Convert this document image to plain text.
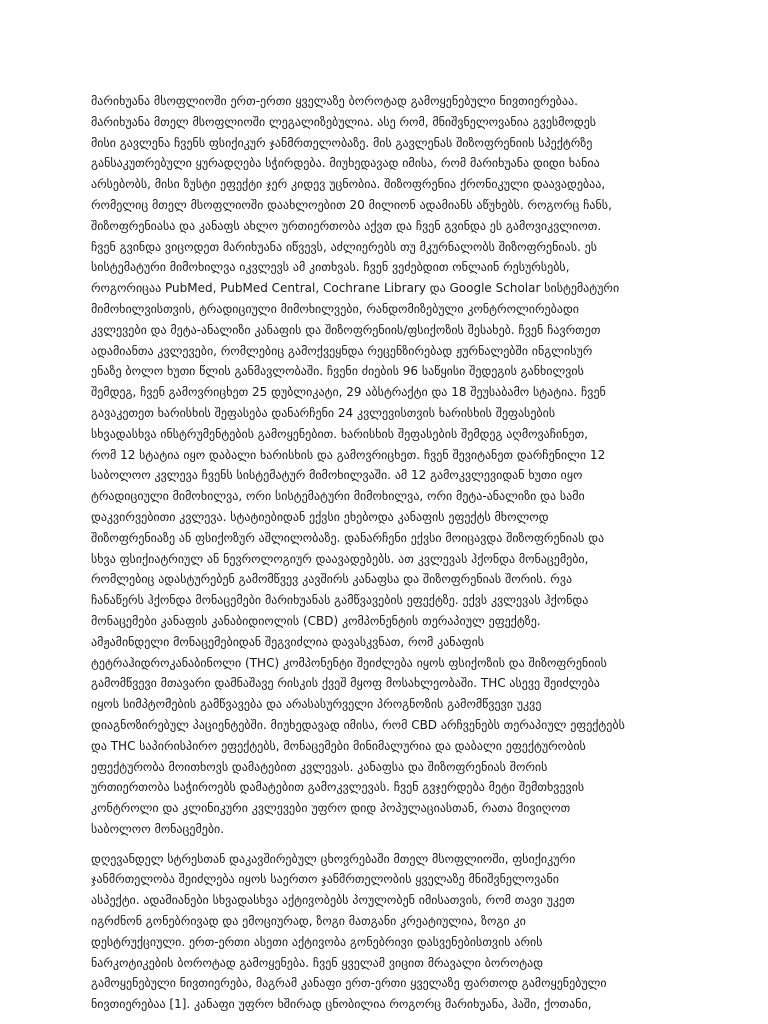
მარიხუანა მსოფლიოში ერთ-ერთი ყველაზე ბოროტად გამოყენებული ნივთიერებაა.
მარიხუანა მთელ მსოფლიოში ლეგალიზებულია. ასე რომ, მნიშვნელოვანია გვესმოდეს
მისი გავლენა ჩვენს ფსიქიკურ ჯანმრთელობაზე. მის გავლენას შიზოფრენიის სპექტრზე
განსაკუთრებული ყურადღება სჭირდება. მიუხედავად იმისა, რომ მარიხუანა დიდი ხანია
არსებობს, მისი ზუსტი ეფექტი ჯერ კიდევ უცნობია. შიზოფრენია ქრონიკული დაავადებაა,
რომელიც მთელ მსოფლიოში დაახლოებით 20 მილიონ ადამიანს აწუხებს. როგორც ჩანს,
შიზოფრენიასა და კანაფს ახლო ურთიერთობა აქვთ და ჩვენ გვინდა ეს გამოვიკვლიოთ.
ჩვენ გვინდა ვიცოდეთ მარიხუანა იწვევს, აძლიერებს თუ მკურნალობს შიზოფრენიას. ეს
სისტემატური მიმოხილვა იკვლევს ამ კითხვას. ჩვენ ვეძებდით ონლაინ რესურსებს,
როგორიცაა PubMed, PubMed Central, Cochrane Library და Google Scholar სისტემატური
მიმოხილვისთვის, ტრადიციული მიმოხილვები, რანდომიზებული კონტროლირებადი
კვლევები და მეტა-ანალიზი კანაფის და შიზოფრენიის/ფსიქოზის შესახებ. ჩვენ ჩავრთეთ
ადამიანთა კვლევები, რომლებიც გამოქვეყნდა რეცენზირებად ჟურნალებში ინგლისურ
ენაზე ბოლო ხუთი წლის განმავლობაში. ჩვენი ძიების 96 საწყისი შედეგის განხილვის
შემდეგ, ჩვენ გამოვრიცხეთ 25 დუბლიკატი, 29 აბსტრაქტი და 18 შეუსაბამო სტატია. ჩვენ
გავაკეთეთ ხარისხის შეფასება დანარჩენი 24 კვლევისთვის ხარისხის შეფასების
სხვადასხვა ინსტრუმენტების გამოყენებით. ხარისხის შეფასების შემდეგ აღმოვაჩინეთ,
რომ 12 სტატია იყო დაბალი ხარისხის და გამოვრიცხეთ. ჩვენ შევიტანეთ დარჩენილი 12
საბოლოო კვლევა ჩვენს სისტემატურ მიმოხილვაში. ამ 12 გამოკვლევიდან ხუთი იყო
ტრადიციული მიმოხილვა, ორი სისტემატური მიმოხილვა, ორი მეტა-ანალიზი და სამი
დაკვირვებითი კვლევა. სტატიებიდან ექვსი ეხებოდა კანაფის ეფექტს მხოლოდ
შიზოფრენიაზე ან ფსიქოზურ აშლილობაზე. დანარჩენი ექვსი მოიცავდა შიზოფრენიას და
სხვა ფსიქიატრიულ ან ნევროლოგიურ დაავადებებს. ათ კვლევას ჰქონდა მონაცემები,
რომლებიც ადასტურებენ გამომწვევ კავშირს კანაფსა და შიზოფრენიას შორის. რვა
ჩანაწერს ჰქონდა მონაცემები მარიხუანას გამწვავების ეფექტზე. ექვს კვლევას ჰქონდა
მონაცემები კანაფის კანაბიდიოლის (CBD) კომპონენტის თერაპიულ ეფექტზე.
ამჟამინდელი მონაცემებიდან შეგვიძლია დავასკვნათ, რომ კანაფის
ტეტრაჰიდროკანაბინოლი (THC) კომპონენტი შეიძლება იყოს ფსიქოზის და შიზოფრენიის
გამომწვევი მთავარი დამნაშავე რისკის ქვეშ მყოფ მოსახლეობაში. THC ასევე შეიძლება
იყოს სიმპტომების გამწვავება და არასასურველი პროგნოზის გამომწვევი უკვე
დიაგნოზირებულ პაციენტებში. მიუხედავად იმისა, რომ CBD არჩვენებს თერაპიულ ეფექტებს
და THC საპირისპირო ეფექტებს, მონაცემები მინიმალურია და დაბალი ეფექტურობის
ეფექტურობა მოითხოვს დამატებით კვლევას. კანაფსა და შიზოფრენიას შორის
ურთიერთობა საჭიროებს დამატებით გამოკვლევას. ჩვენ გვჯერდება მეტი შემთხვევის
კონტროლი და კლინიკური კვლევები უფრო დიდ პოპულაციასთან, რათა მივიღოთ
საბოლოო მონაცემები.
დღევანდელ სტრესთან დაკავშირებულ ცხოვრებაში მთელ მსოფლიოში, ფსიქიკური
ჯანმრთელობა შეიძლება იყოს საერთო ჯანმრთელობის ყველაზე მნიშვნელოვანი
ასპექტი. ადამიანები სხვადასხვა აქტივობებს პოულობენ იმისათვის, რომ თავი უკეთ
იგრძნონ გონებრივად და ემოციურად, ზოგი მათგანი კრეატიულია, ზოგი კი
დესტრუქციული. ერთ-ერთი ასეთი აქტივობა გონებრივი დასვენებისთვის არის
ნარკოტიკების ბოროტად გამოყენება. ჩვენ ყველამ ვიცით მრავალი ბოროტად
გამოყენებული ნივთიერება, მაგრამ კანაფი ერთ-ერთი ყველაზე ფართოდ გამოყენებული
ნივთიერებაა [1]. კანაფი უფრო ხშირად ცნობილია როგორც მარიხუანა, ჰაში, ქოთანი,
